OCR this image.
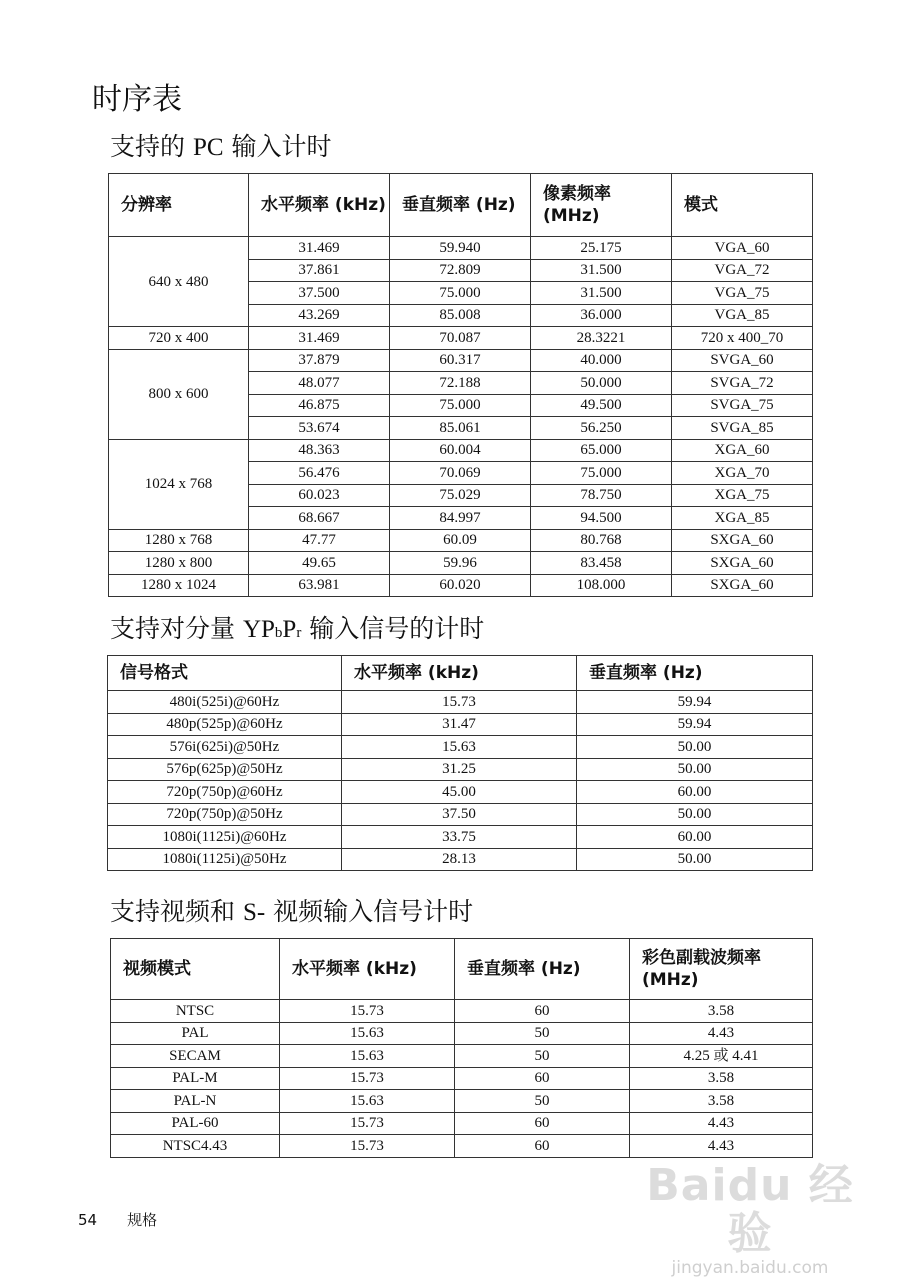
时序表
支持的 PC 输入计时
分辨率	水平频率 (kHz)	垂直频率 (Hz)	像素频率 (MHz)	模式
640 x 480	31.469	59.940	25.175	VGA_60
	37.861	72.809	31.500	VGA_72
	37.500	75.000	31.500	VGA_75
	43.269	85.008	36.000	VGA_85
720 x 400	31.469	70.087	28.3221	720 x 400_70
800 x 600	37.879	60.317	40.000	SVGA_60
	48.077	72.188	50.000	SVGA_72
	46.875	75.000	49.500	SVGA_75
	53.674	85.061	56.250	SVGA_85
1024 x 768	48.363	60.004	65.000	XGA_60
	56.476	70.069	75.000	XGA_70
	60.023	75.029	78.750	XGA_75
	68.667	84.997	94.500	XGA_85
1280 x 768	47.77	60.09	80.768	SXGA_60
1280 x 800	49.65	59.96	83.458	SXGA_60
1280 x 1024	63.981	60.020	108.000	SXGA_60
支持对分量 YPbPr 输入信号的计时
信号格式	水平频率 (kHz)	垂直频率 (Hz)
480i(525i)@60Hz	15.73	59.94
480p(525p)@60Hz	31.47	59.94
576i(625i)@50Hz	15.63	50.00
576p(625p)@50Hz	31.25	50.00
720p(750p)@60Hz	45.00	60.00
720p(750p)@50Hz	37.50	50.00
1080i(1125i)@60Hz	33.75	60.00
1080i(1125i)@50Hz	28.13	50.00
支持视频和 S- 视频输入信号计时
视频模式	水平频率 (kHz)	垂直频率 (Hz)	彩色副载波频率 (MHz)
NTSC	15.73	60	3.58
PAL	15.63	50	4.43
SECAM	15.63	50	4.25 或 4.41
PAL-M	15.73	60	3.58
PAL-N	15.63	50	3.58
PAL-60	15.73	60	4.43
NTSC4.43	15.73	60	4.43
54 规格
Baidu 经验
jingyan.baidu.com
